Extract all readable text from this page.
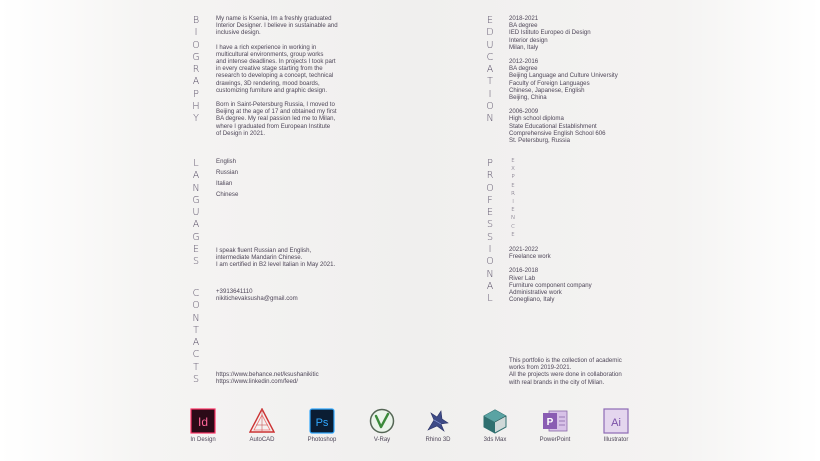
B
I
O
G
R
A
P
H
Y
L
A
N
G
U
A
G
E
S
C
O
N
T
A
C
T
S
E
D
U
C
A
T
I
O
N
P
R
O
F
E
S
S
I
O
N
A
L
E
X
P
E
R
I
E
N
C
E

My name is Ksenia, Im a freshly graduated
Interior Designer. I believe in sustainable and
inclusive design.

I have a rich experience in working in
multicultural environments, group works
and intense deadlines. In projects I took part
in every creative stage starting from the
research to developing a concept, technical
drawings, 3D rendering, mood boards,
customizing furniture and graphic design.

Born in Saint-Petersburg Russia, I moved to
Beijing at the age of 17 and obtained my first
BA degree. My real passion led me to Milan,
where I graduated from European Institute
of Design in 2021.

English
Russian
Italian
Chinese
I speak fluent Russian and English,
intermediate Mandarin Chinese.
I am certified in B2 level Italian in May 2021.
+3913641110
nikitichevaksusha@gmail.com
https://www.behance.net/ksushanikitic
https://www.linkedin.com/feed/

2018-2021
BA degree
IED Istituto Europeo di Design
Interior design
Milan, Italy

2012-2016
BA degree
Beijing Language and Culture University
Faculty of Foreign Languages
Chinese, Japanese, English
Beijing, China

2006-2009
High school diploma
State Educational Establishment
Comprehensive English School 606
St. Petersburg, Russia

2021-2022
Freelance work

2016-2018
River Lab
Furniture component company
Administrative work
Conegliano, Italy

This portfolio is the collection of academic
works from 2019-2021.
All the projects were done in collaboration
with real brands in the city of Milan.
Id
In Design	AutoCAD
Ps
Photoshop	V-Ray	Rhino 3D	3ds Max
P
PowerPoint
Ai
Illustrator
